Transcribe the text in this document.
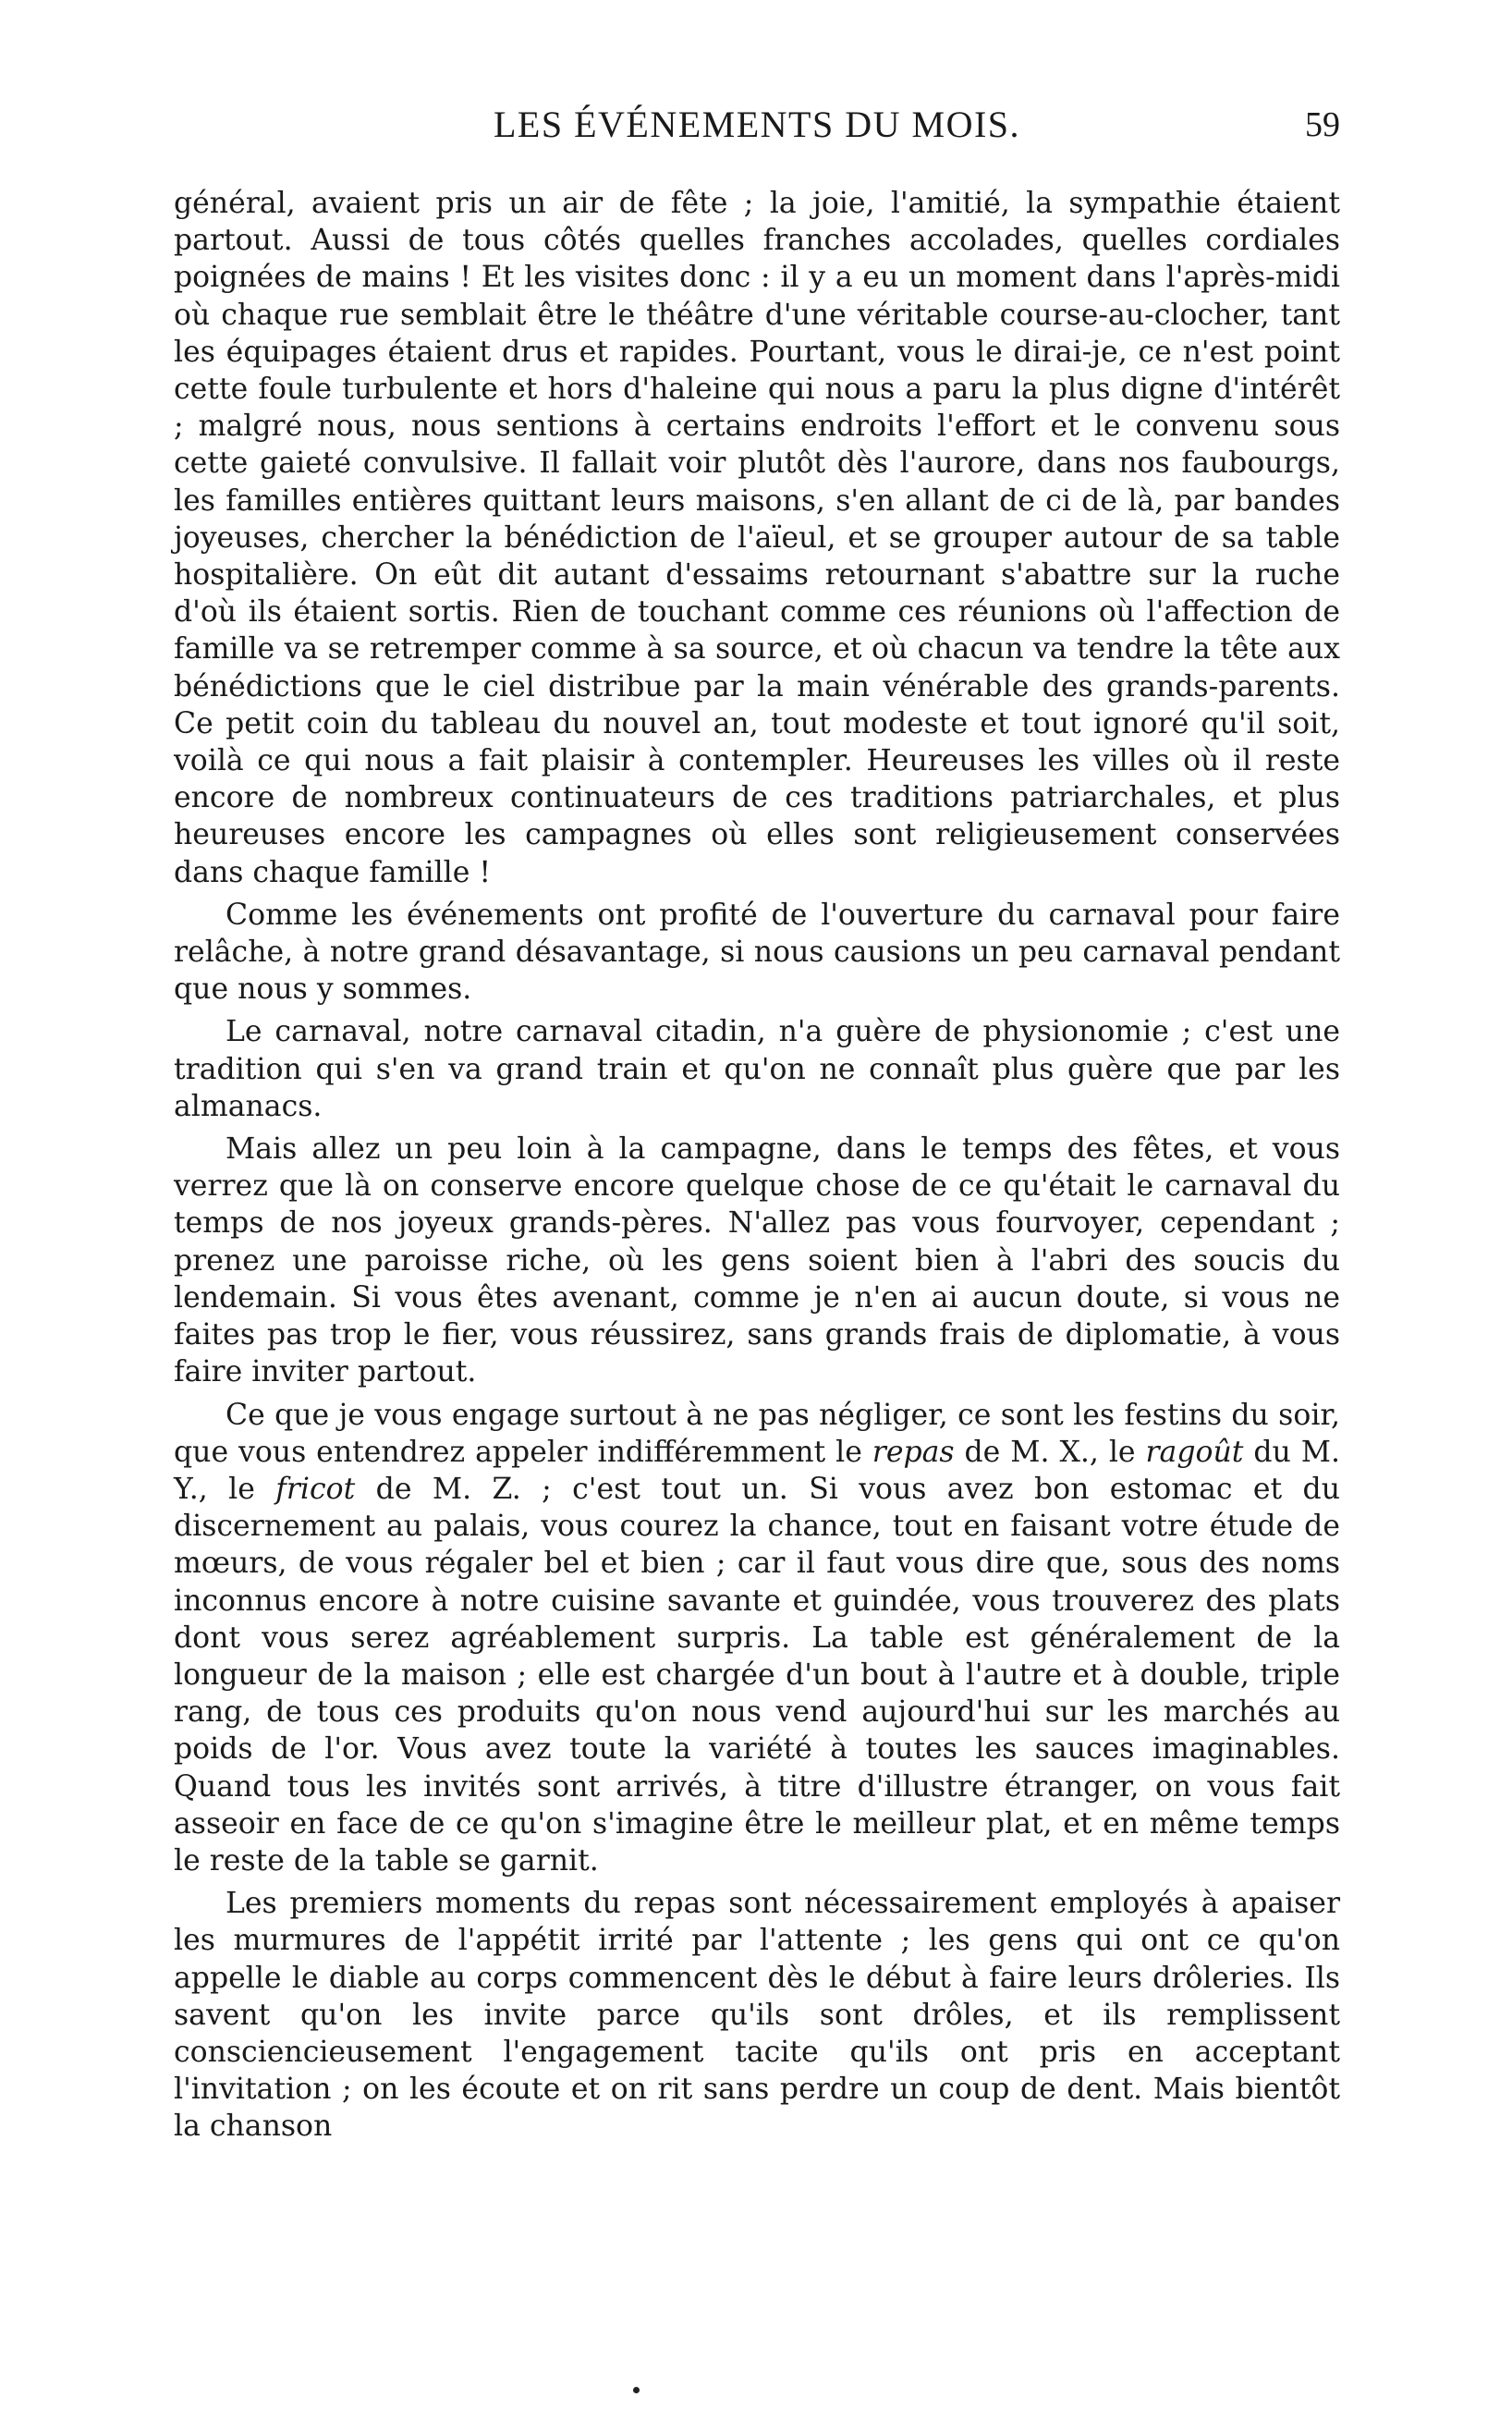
LES ÉVÉNEMENTS DU MOIS.	59

général, avaient pris un air de fête ; la joie, l'amitié, la sympathie étaient partout. Aussi de tous côtés quelles franches accolades, quelles cordiales poignées de mains ! Et les visites donc : il y a eu un moment dans l'après-midi où chaque rue semblait être le théâtre d'une véritable course-au-clocher, tant les équipages étaient drus et rapides. Pourtant, vous le dirai-je, ce n'est point cette foule turbulente et hors d'haleine qui nous a paru la plus digne d'intérêt ; malgré nous, nous sentions à certains endroits l'effort et le convenu sous cette gaieté convulsive. Il fallait voir plutôt dès l'aurore, dans nos faubourgs, les familles entières quittant leurs maisons, s'en allant de ci de là, par bandes joyeuses, chercher la bénédiction de l'aïeul, et se grouper autour de sa table hospitalière. On eût dit autant d'essaims retournant s'abattre sur la ruche d'où ils étaient sortis. Rien de touchant comme ces réunions où l'affection de famille va se retremper comme à sa source, et où chacun va tendre la tête aux bénédictions que le ciel distribue par la main vénérable des grands-parents. Ce petit coin du tableau du nouvel an, tout modeste et tout ignoré qu'il soit, voilà ce qui nous a fait plaisir à contempler. Heureuses les villes où il reste encore de nombreux continuateurs de ces traditions patriarchales, et plus heureuses encore les campagnes où elles sont religieusement conservées dans chaque famille !

Comme les événements ont profité de l'ouverture du carnaval pour faire relâche, à notre grand désavantage, si nous causions un peu carnaval pendant que nous y sommes.

Le carnaval, notre carnaval citadin, n'a guère de physionomie ; c'est une tradition qui s'en va grand train et qu'on ne connaît plus guère que par les almanacs.

Mais allez un peu loin à la campagne, dans le temps des fêtes, et vous verrez que là on conserve encore quelque chose de ce qu'était le carnaval du temps de nos joyeux grands-pères. N'allez pas vous fourvoyer, cependant ; prenez une paroisse riche, où les gens soient bien à l'abri des soucis du lendemain. Si vous êtes avenant, comme je n'en ai aucun doute, si vous ne faites pas trop le fier, vous réussirez, sans grands frais de diplomatie, à vous faire inviter partout.

Ce que je vous engage surtout à ne pas négliger, ce sont les festins du soir, que vous entendrez appeler indifféremment le repas de M. X., le ragoût du M. Y., le fricot de M. Z. ; c'est tout un. Si vous avez bon estomac et du discernement au palais, vous courez la chance, tout en faisant votre étude de mœurs, de vous régaler bel et bien ; car il faut vous dire que, sous des noms inconnus encore à notre cuisine savante et guindée, vous trouverez des plats dont vous serez agréablement surpris. La table est généralement de la longueur de la maison ; elle est chargée d'un bout à l'autre et à double, triple rang, de tous ces produits qu'on nous vend aujourd'hui sur les marchés au poids de l'or. Vous avez toute la variété à toutes les sauces imaginables. Quand tous les invités sont arrivés, à titre d'illustre étranger, on vous fait asseoir en face de ce qu'on s'imagine être le meilleur plat, et en même temps le reste de la table se garnit.

Les premiers moments du repas sont nécessairement employés à apaiser les murmures de l'appétit irrité par l'attente ; les gens qui ont ce qu'on appelle le diable au corps commencent dès le début à faire leurs drôleries. Ils savent qu'on les invite parce qu'ils sont drôles, et ils remplissent consciencieusement l'engagement tacite qu'ils ont pris en acceptant l'invitation ; on les écoute et on rit sans perdre un coup de dent. Mais bientôt la chanson
